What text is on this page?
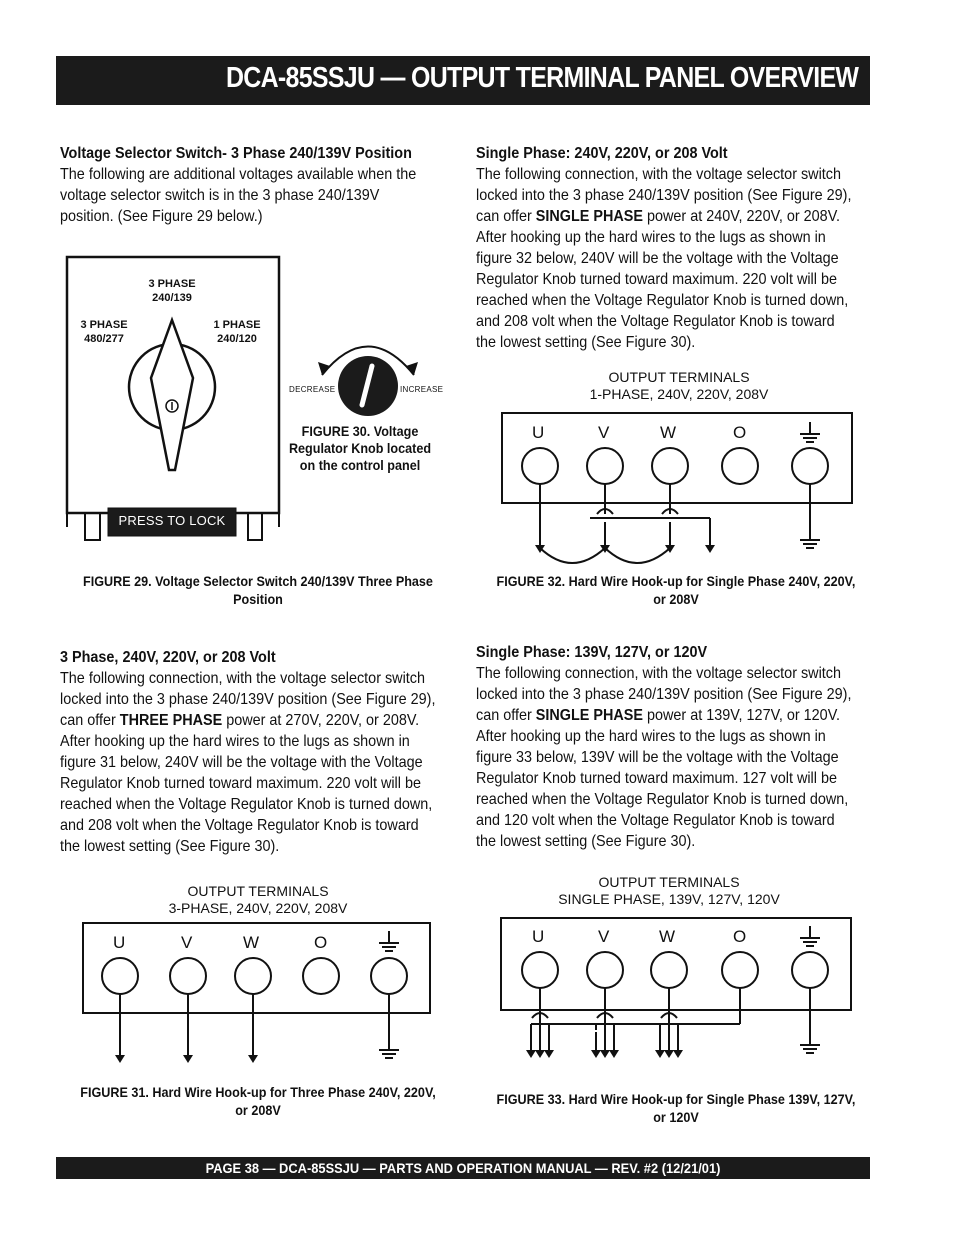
DCA-85SSJU — OUTPUT TERMINAL PANEL OVERVIEW
Voltage Selector Switch- 3 Phase 240/139V Position
The following are additional voltages available when the
voltage selector switch is in the 3 phase 240/139V
position. (See Figure 29 below.)
Single Phase: 240V, 220V, or 208 Volt
The following connection, with the voltage selector switch
locked into the 3 phase 240/139V position (See Figure 29),
can offer SINGLE PHASE power at 240V, 220V, or 208V.
After hooking up the hard wires to the lugs as shown in
figure 32 below, 240V will be the voltage with the Voltage
Regulator Knob turned toward maximum. 220 volt will be
reached when the Voltage Regulator Knob is turned down,
and 208 volt when the Voltage Regulator Knob is toward
the lowest setting (See Figure 30).
3 PHASE
240/139
3 PHASE
480/277
1 PHASE
240/120
PRESS TO LOCK
DECREASE	INCREASE
FIGURE 30. Voltage
Regulator Knob located
on the control panel
FIGURE 29. Voltage Selector Switch 240/139V Three Phase
Position
OUTPUT TERMINALS
1-PHASE, 240V, 220V, 208V
U	V	W	O
FIGURE 32. Hard Wire Hook-up for Single Phase 240V, 220V,
or 208V
3 Phase, 240V, 220V, or 208 Volt
The following connection, with the voltage selector switch
locked into the 3 phase 240/139V position (See Figure 29),
can offer THREE PHASE power at 270V, 220V, or 208V.
After hooking up the hard wires to the lugs as shown in
figure 31 below, 240V will be the voltage with the Voltage
Regulator Knob turned toward maximum. 220 volt will be
reached when the Voltage Regulator Knob is turned down,
and 208 volt when the Voltage Regulator Knob is toward
the lowest setting (See Figure 30).
Single Phase: 139V, 127V, or 120V
The following connection, with the voltage selector switch
locked into the 3 phase 240/139V position (See Figure 29),
can offer SINGLE PHASE power at 139V, 127V, or 120V.
After hooking up the hard wires to the lugs as shown in
figure 33 below, 139V will be the voltage with the Voltage
Regulator Knob turned toward maximum. 127 volt will be
reached when the Voltage Regulator Knob is turned down,
and 120 volt when the Voltage Regulator Knob is toward
the lowest setting (See Figure 30).
OUTPUT TERMINALS
3-PHASE, 240V, 220V, 208V
U	V	W	O
FIGURE 31. Hard Wire Hook-up for Three Phase 240V, 220V,
or 208V
OUTPUT TERMINALS
SINGLE PHASE, 139V, 127V, 120V
U	V	W	O
FIGURE 33. Hard Wire Hook-up for Single Phase 139V, 127V,
or 120V
PAGE 38 — DCA-85SSJU — PARTS AND OPERATION MANUAL — REV. #2 (12/21/01)
